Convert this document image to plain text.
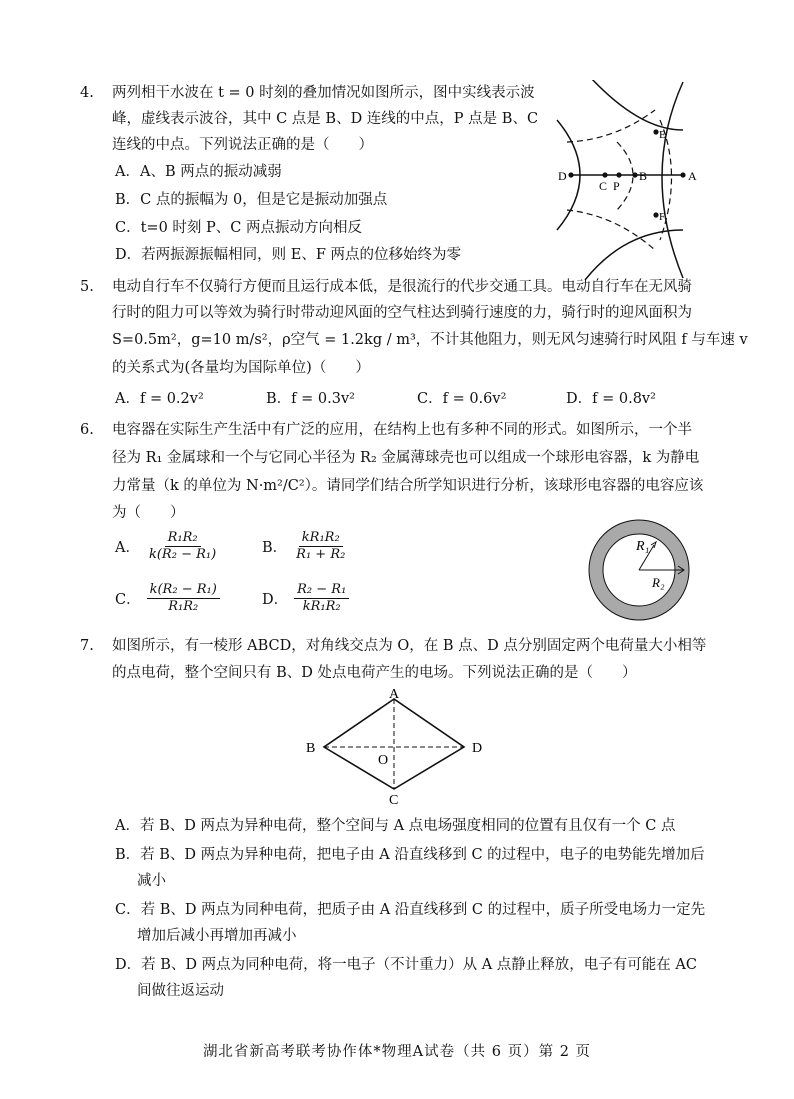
4. 两列相干水波在 t = 0 时刻的叠加情况如图所示，图中实线表示波
峰，虚线表示波谷，其中 C 点是 B、D 连线的中点，P 点是 B、C
连线的中点。下列说法正确的是（　　）
A．A、B 两点的振动减弱
B．C 点的振幅为 0，但是它是振动加强点
C．t=0 时刻 P、C 两点振动方向相反
D．若两振源振幅相同，则 E、F 两点的位移始终为零
D
C P
B	A
E
F
5. 电动自行车不仅骑行方便而且运行成本低，是很流行的代步交通工具。电动自行车在无风骑
行时的阻力可以等效为骑行时带动迎风面的空气柱达到骑行速度的力，骑行时的迎风面积为
S=0.5m²，g=10 m/s²，ρ空气 = 1.2kg / m³，不计其他阻力，则无风匀速骑行时风阻 f 与车速 v
的关系式为(各量均为国际单位)（　　）
A．f = 0.2v²	B．f = 0.3v²	C．f = 0.6v²	D．f = 0.8v²
6. 电容器在实际生产生活中有广泛的应用，在结构上也有多种不同的形式。如图所示，一个半
径为 R₁ 金属球和一个与它同心半径为 R₂ 金属薄球壳也可以组成一个球形电容器，k 为静电
力常量（k 的单位为 N·m²/C²）。请同学们结合所学知识进行分析，该球形电容器的电容应该
为（　　）
A． $\frac{\text{R₁R₂}}{\text{k(R₂ − R₁)}}$	B． $\frac{\text{kR₁R₂}}{\text{R₁ + R₂}}$
C． $\frac{\text{k(R₂ − R₁)}}{\text{R₁R₂}}$	D． $\frac{\text{R₂ − R₁}}{\text{kR₁R₂}}$
R₁
R₂
7. 如图所示，有一棱形 ABCD，对角线交点为 O，在 B 点、D 点分别固定两个电荷量大小相等
的点电荷，整个空间只有 B、D 处点电荷产生的电场。下列说法正确的是（　　）
A
B
C
D
O
A．若 B、D 两点为异种电荷，整个空间与 A 点电场强度相同的位置有且仅有一个 C 点
B．若 B、D 两点为异种电荷，把电子由 A 沿直线移到 C 的过程中，电子的电势能先增加后
减小
C．若 B、D 两点为同种电荷，把质子由 A 沿直线移到 C 的过程中，质子所受电场力一定先
增加后减小再增加再减小
D．若 B、D 两点为同种电荷，将一电子（不计重力）从 A 点静止释放，电子有可能在 AC
间做往返运动
湖北省新高考联考协作体*物理A试卷（共 6 页）第 2 页
